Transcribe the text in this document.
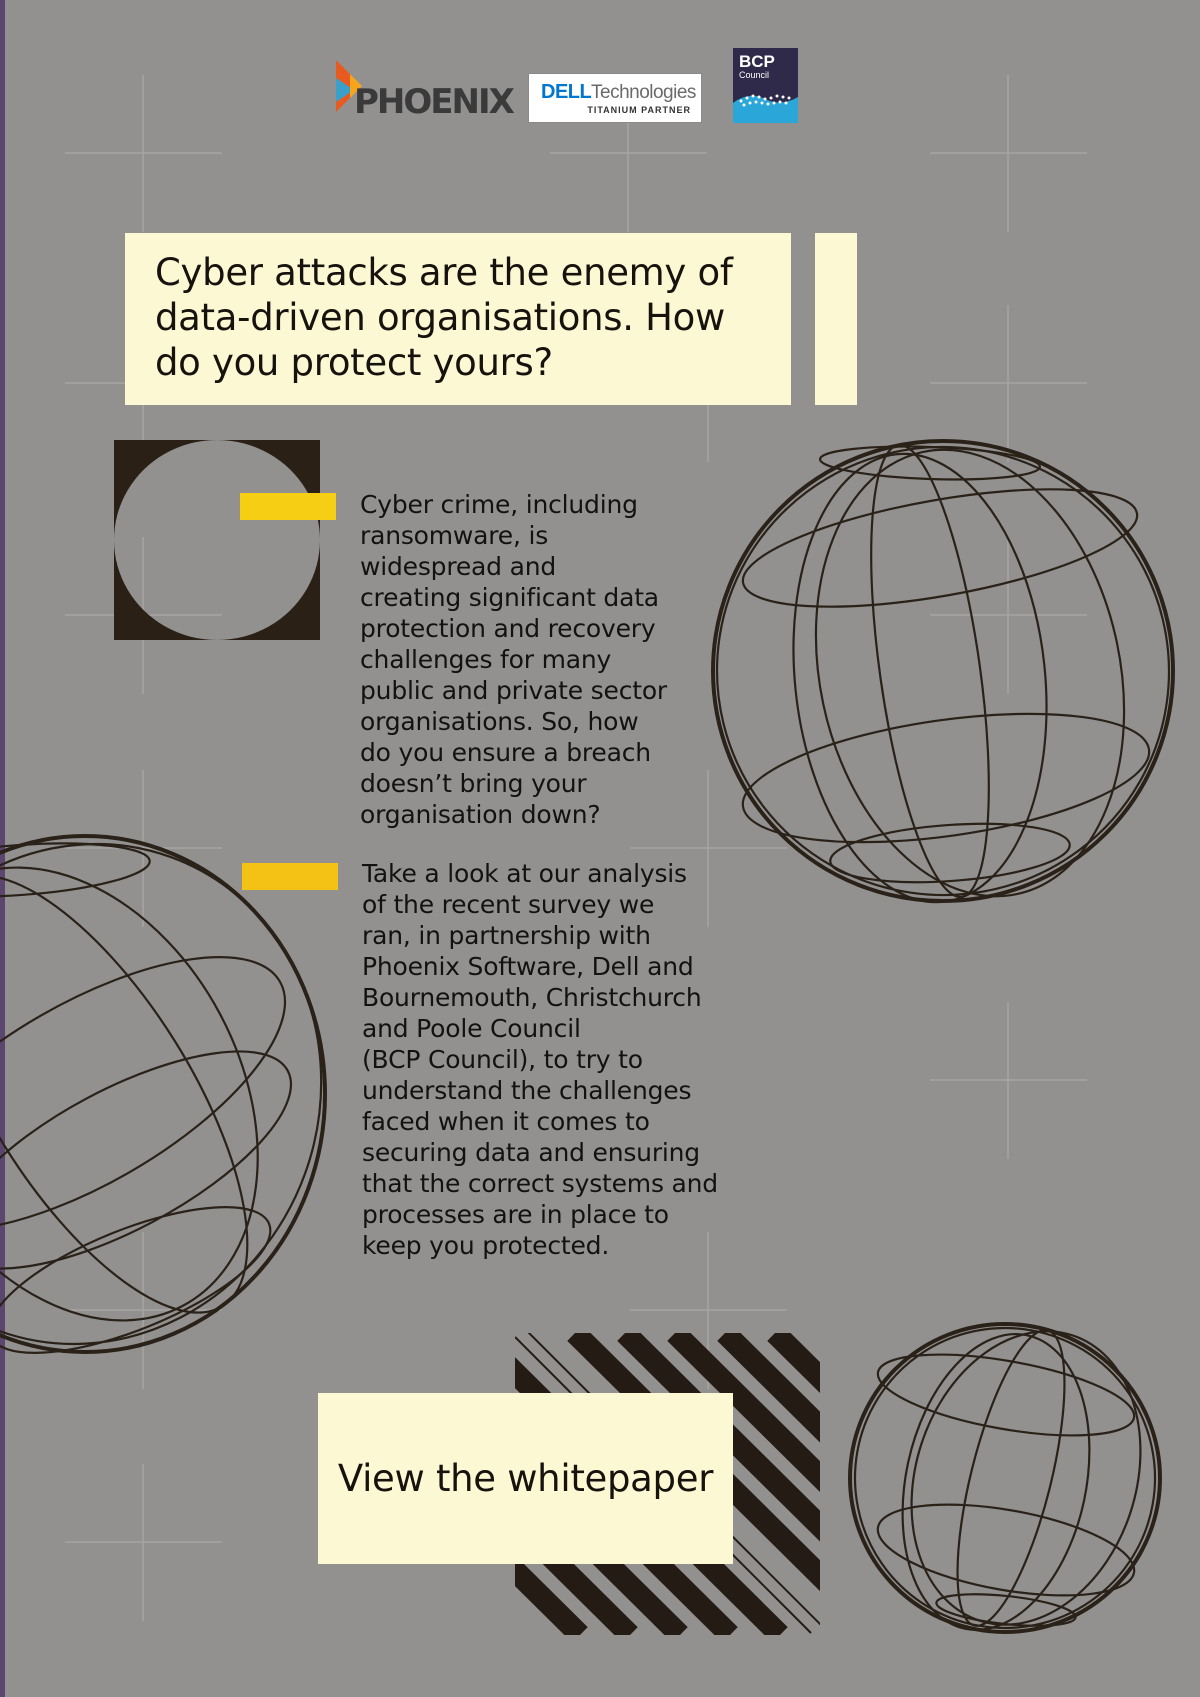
PHOENIX DELL Technologies
TITANIUM PARTNER
BCP
Council
Cyber attacks are the enemy of data-driven organisations. How do you protect yours?

Cyber crime, including
ransomware, is
widespread and
creating significant data
protection and recovery
challenges for many
public and private sector
organisations. So, how
do you ensure a breach
doesn’t bring your
organisation down?

Take a look at our analysis
of the recent survey we
ran, in partnership with
Phoenix Software, Dell and
Bournemouth, Christchurch
and Poole Council
(BCP Council), to try to
understand the challenges
faced when it comes to
securing data and ensuring
that the correct systems and
processes are in place to
keep you protected.

View the whitepaper
